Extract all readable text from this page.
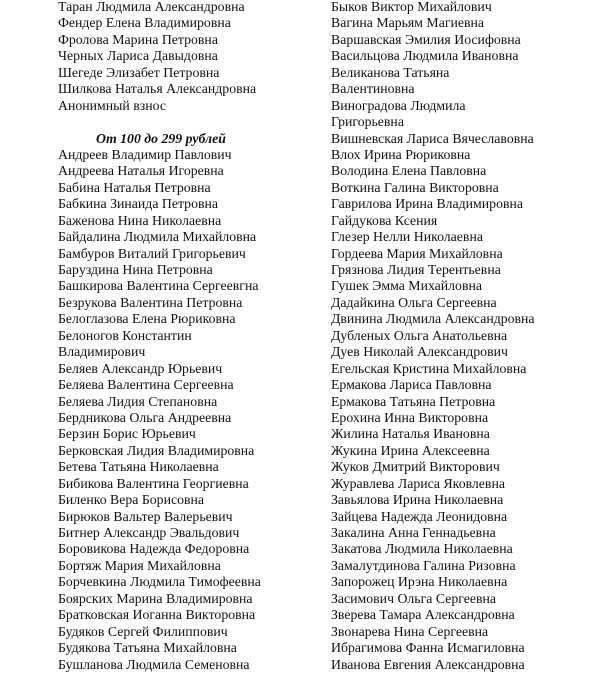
Таран Людмила Александровна
Фендер Елена Владимировна
Фролова Марина Петровна
Черных Лариса Давыдовна
Шегеде Элизабет Петровна
Шилкова Наталья Александровна
Анонимный взнос
От 100 до 299 рублей
Андреев Владимир Павлович
Андреева Наталья Игоревна
Бабина Наталья Петровна
Бабкина Зинаида Петровна
Баженова Нина Николаевна
Байдалина Людмила Михайловна
Бамбуров Виталий Григорьевич
Барyздина Нина Петровна
Башкирова Валентина Сергеевгна
Безрукова Валентина Петровна
Белоглазова Елена Рюриковна
Белоногов Константин
Владимирович
Беляев Александр Юрьевич
Беляева Валентина Сергеевна
Беляева Лидия Степановна
Бердникова Ольга Андреевна
Берзин Борис Юрьевич
Берковская Лидия Владимировна
Бетева Татьяна Николаевна
Бибикова Валентина Георгиевна
Биленко Вера Борисовна
Бирюков Вальтер Валерьевич
Битнер Александр Эвальдович
Боровикова Надежда Федоровна
Бортяж Мария Михайловна
Борчевкина Людмила Тимофеевна
Боярских Марина Владимировна
Братковская Иоганна Викторовна
Будяков Сергей Филиппович
Будякова Татьяна Михайловна
Бушланова Людмила Семеновна
Быков Виктор Михайлович
Вагина Марьям Магиевна
Варшавская Эмилия Иосифовна
Васильцова Людмила Ивановна
Великанова Татьяна
Валентиновна
Виноградова Людмила
Григорьевна
Вишневская Лариса Вячеславовна
Влох Ирина Рюриковна
Володина Елена Павловна
Воткина Галина Викторовна
Гаврилова Ирина Владимировна
Гайдукова Ксения
Глезер Нелли Николаевна
Гордеева Мария Михайловна
Грязнова Лидия Терентьевна
Гушек Эмма Михайловна
Дадайкина Ольга Сергеевна
Двинина Людмила Александровна
Дубленых Ольга Анатольевна
Дуев Николай Александрович
Егельская Кристина Михайловна
Ермакова Лариса Павловна
Ермакова Татьяна Петровна
Ерохина Инна Викторовна
Жилина Наталья Ивановна
Жукина Ирина Алексеевна
Жуков Дмитрий Викторович
Журавлева Лариса Яковлевна
Завьялова Ирина Николаевна
Зайцева Надежда Леонидовна
Закалина Анна Геннадьевна
Закатова Людмила Николаевна
Замалутдинова Галина Ризовна
Запорожец Ирэна Николаевна
Засимович Ольга Сергеевна
Зверева Тамара Александровна
Звонарева Нина Сергеевна
Ибрагимова Фанна Исмагиловна
Иванова Евгения Александровна
